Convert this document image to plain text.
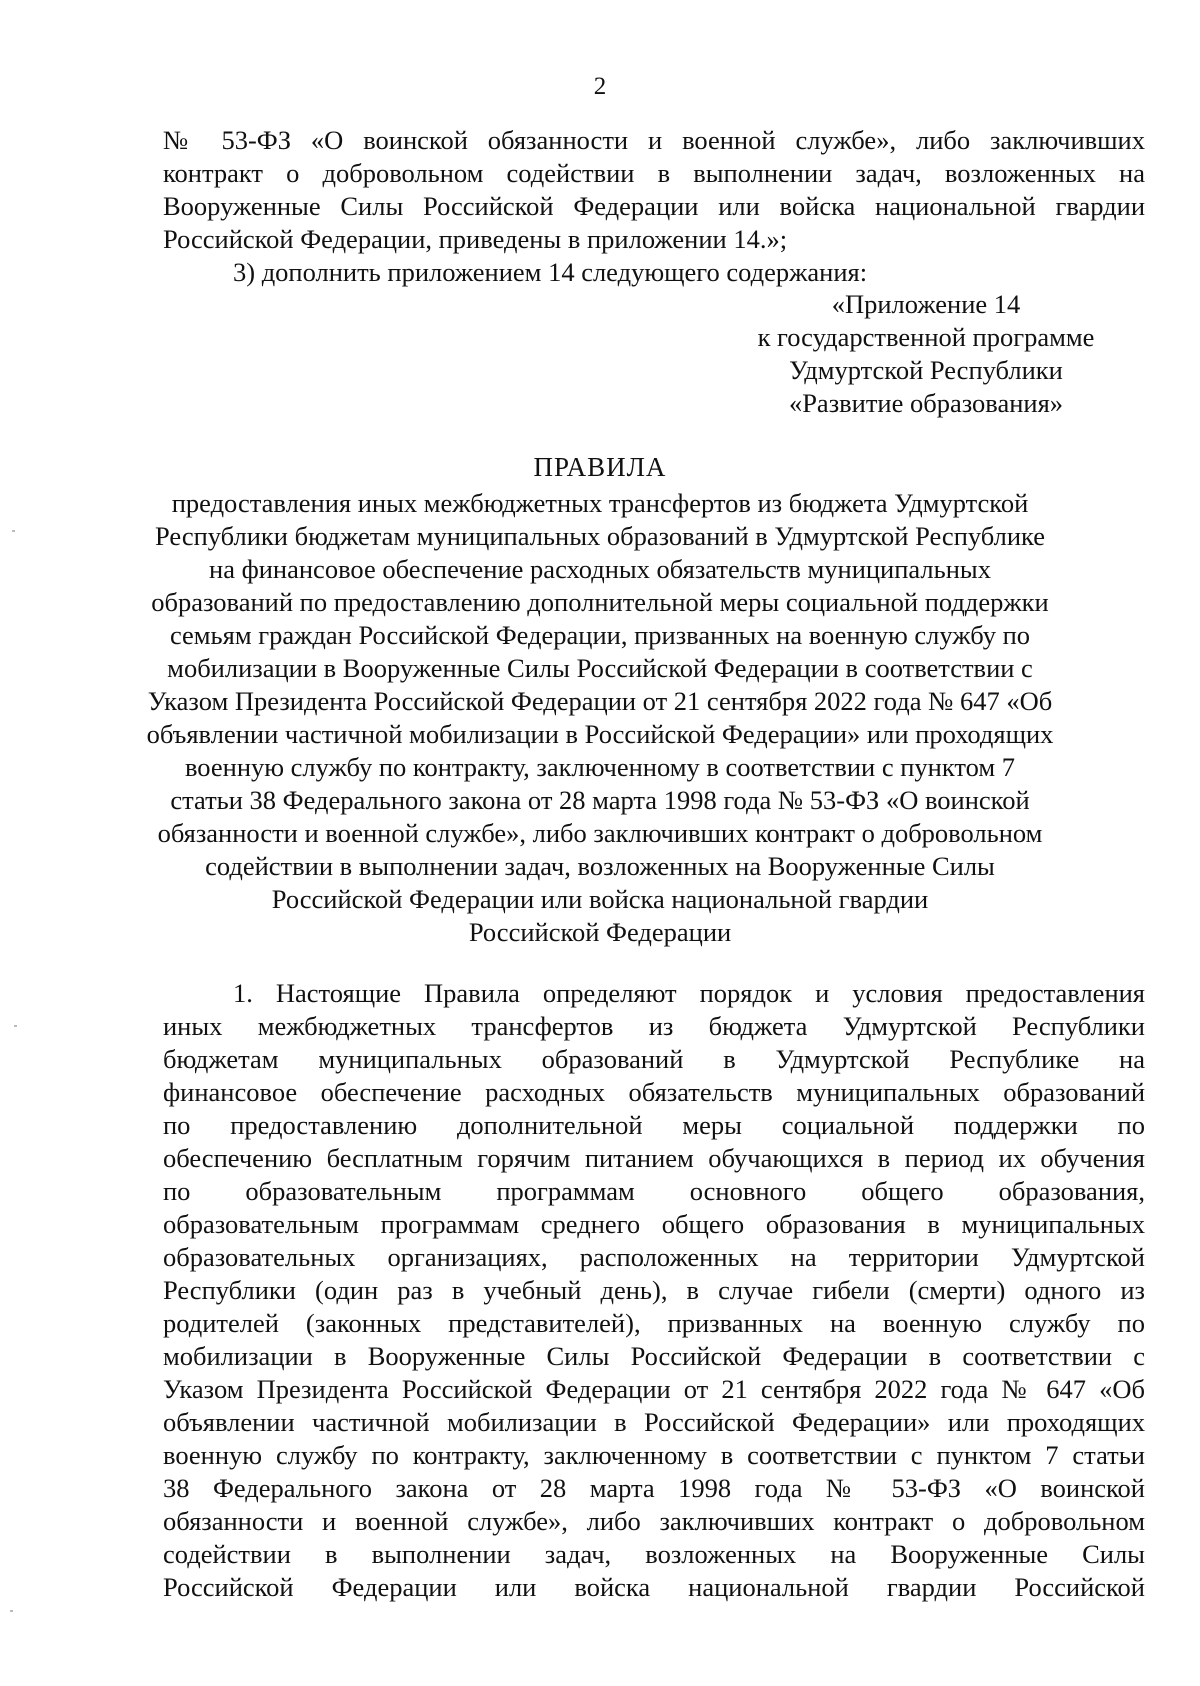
2
№ 53-ФЗ «О воинской обязанности и военной службе», либо заключивших
контракт о добровольном содействии в выполнении задач, возложенных на
Вооруженные Силы Российской Федерации или войска национальной гвардии
Российской Федерации, приведены в приложении 14.»;
3) дополнить приложением 14 следующего содержания:
«Приложение 14
к государственной программе
Удмуртской Республики
«Развитие образования»
ПРАВИЛА
предоставления иных межбюджетных трансфертов из бюджета Удмуртской
Республики бюджетам муниципальных образований в Удмуртской Республике
на финансовое обеспечение расходных обязательств муниципальных
образований по предоставлению дополнительной меры социальной поддержки
семьям граждан Российской Федерации, призванных на военную службу по
мобилизации в Вооруженные Силы Российской Федерации в соответствии с
Указом Президента Российской Федерации от 21 сентября 2022 года № 647 «Об
объявлении частичной мобилизации в Российской Федерации» или проходящих
военную службу по контракту, заключенному в соответствии с пунктом 7
статьи 38 Федерального закона от 28 марта 1998 года № 53-ФЗ «О воинской
обязанности и военной службе», либо заключивших контракт о добровольном
содействии в выполнении задач, возложенных на Вооруженные Силы
Российской Федерации или войска национальной гвардии
Российской Федерации
1. Настоящие Правила определяют порядок и условия предоставления
иных межбюджетных трансфертов из бюджета Удмуртской Республики
бюджетам муниципальных образований в Удмуртской Республике на
финансовое обеспечение расходных обязательств муниципальных образований
по предоставлению дополнительной меры социальной поддержки по
обеспечению бесплатным горячим питанием обучающихся в период их обучения
по образовательным программам основного общего образования,
образовательным программам среднего общего образования в муниципальных
образовательных организациях, расположенных на территории Удмуртской
Республики (один раз в учебный день), в случае гибели (смерти) одного из
родителей (законных представителей), призванных на военную службу по
мобилизации в Вооруженные Силы Российской Федерации в соответствии с
Указом Президента Российской Федерации от 21 сентября 2022 года № 647 «Об
объявлении частичной мобилизации в Российской Федерации» или проходящих
военную службу по контракту, заключенному в соответствии с пунктом 7 статьи
38 Федерального закона от 28 марта 1998 года № 53-ФЗ «О воинской
обязанности и военной службе», либо заключивших контракт о добровольном
содействии в выполнении задач, возложенных на Вооруженные Силы
Российской Федерации или войска национальной гвардии Российской
